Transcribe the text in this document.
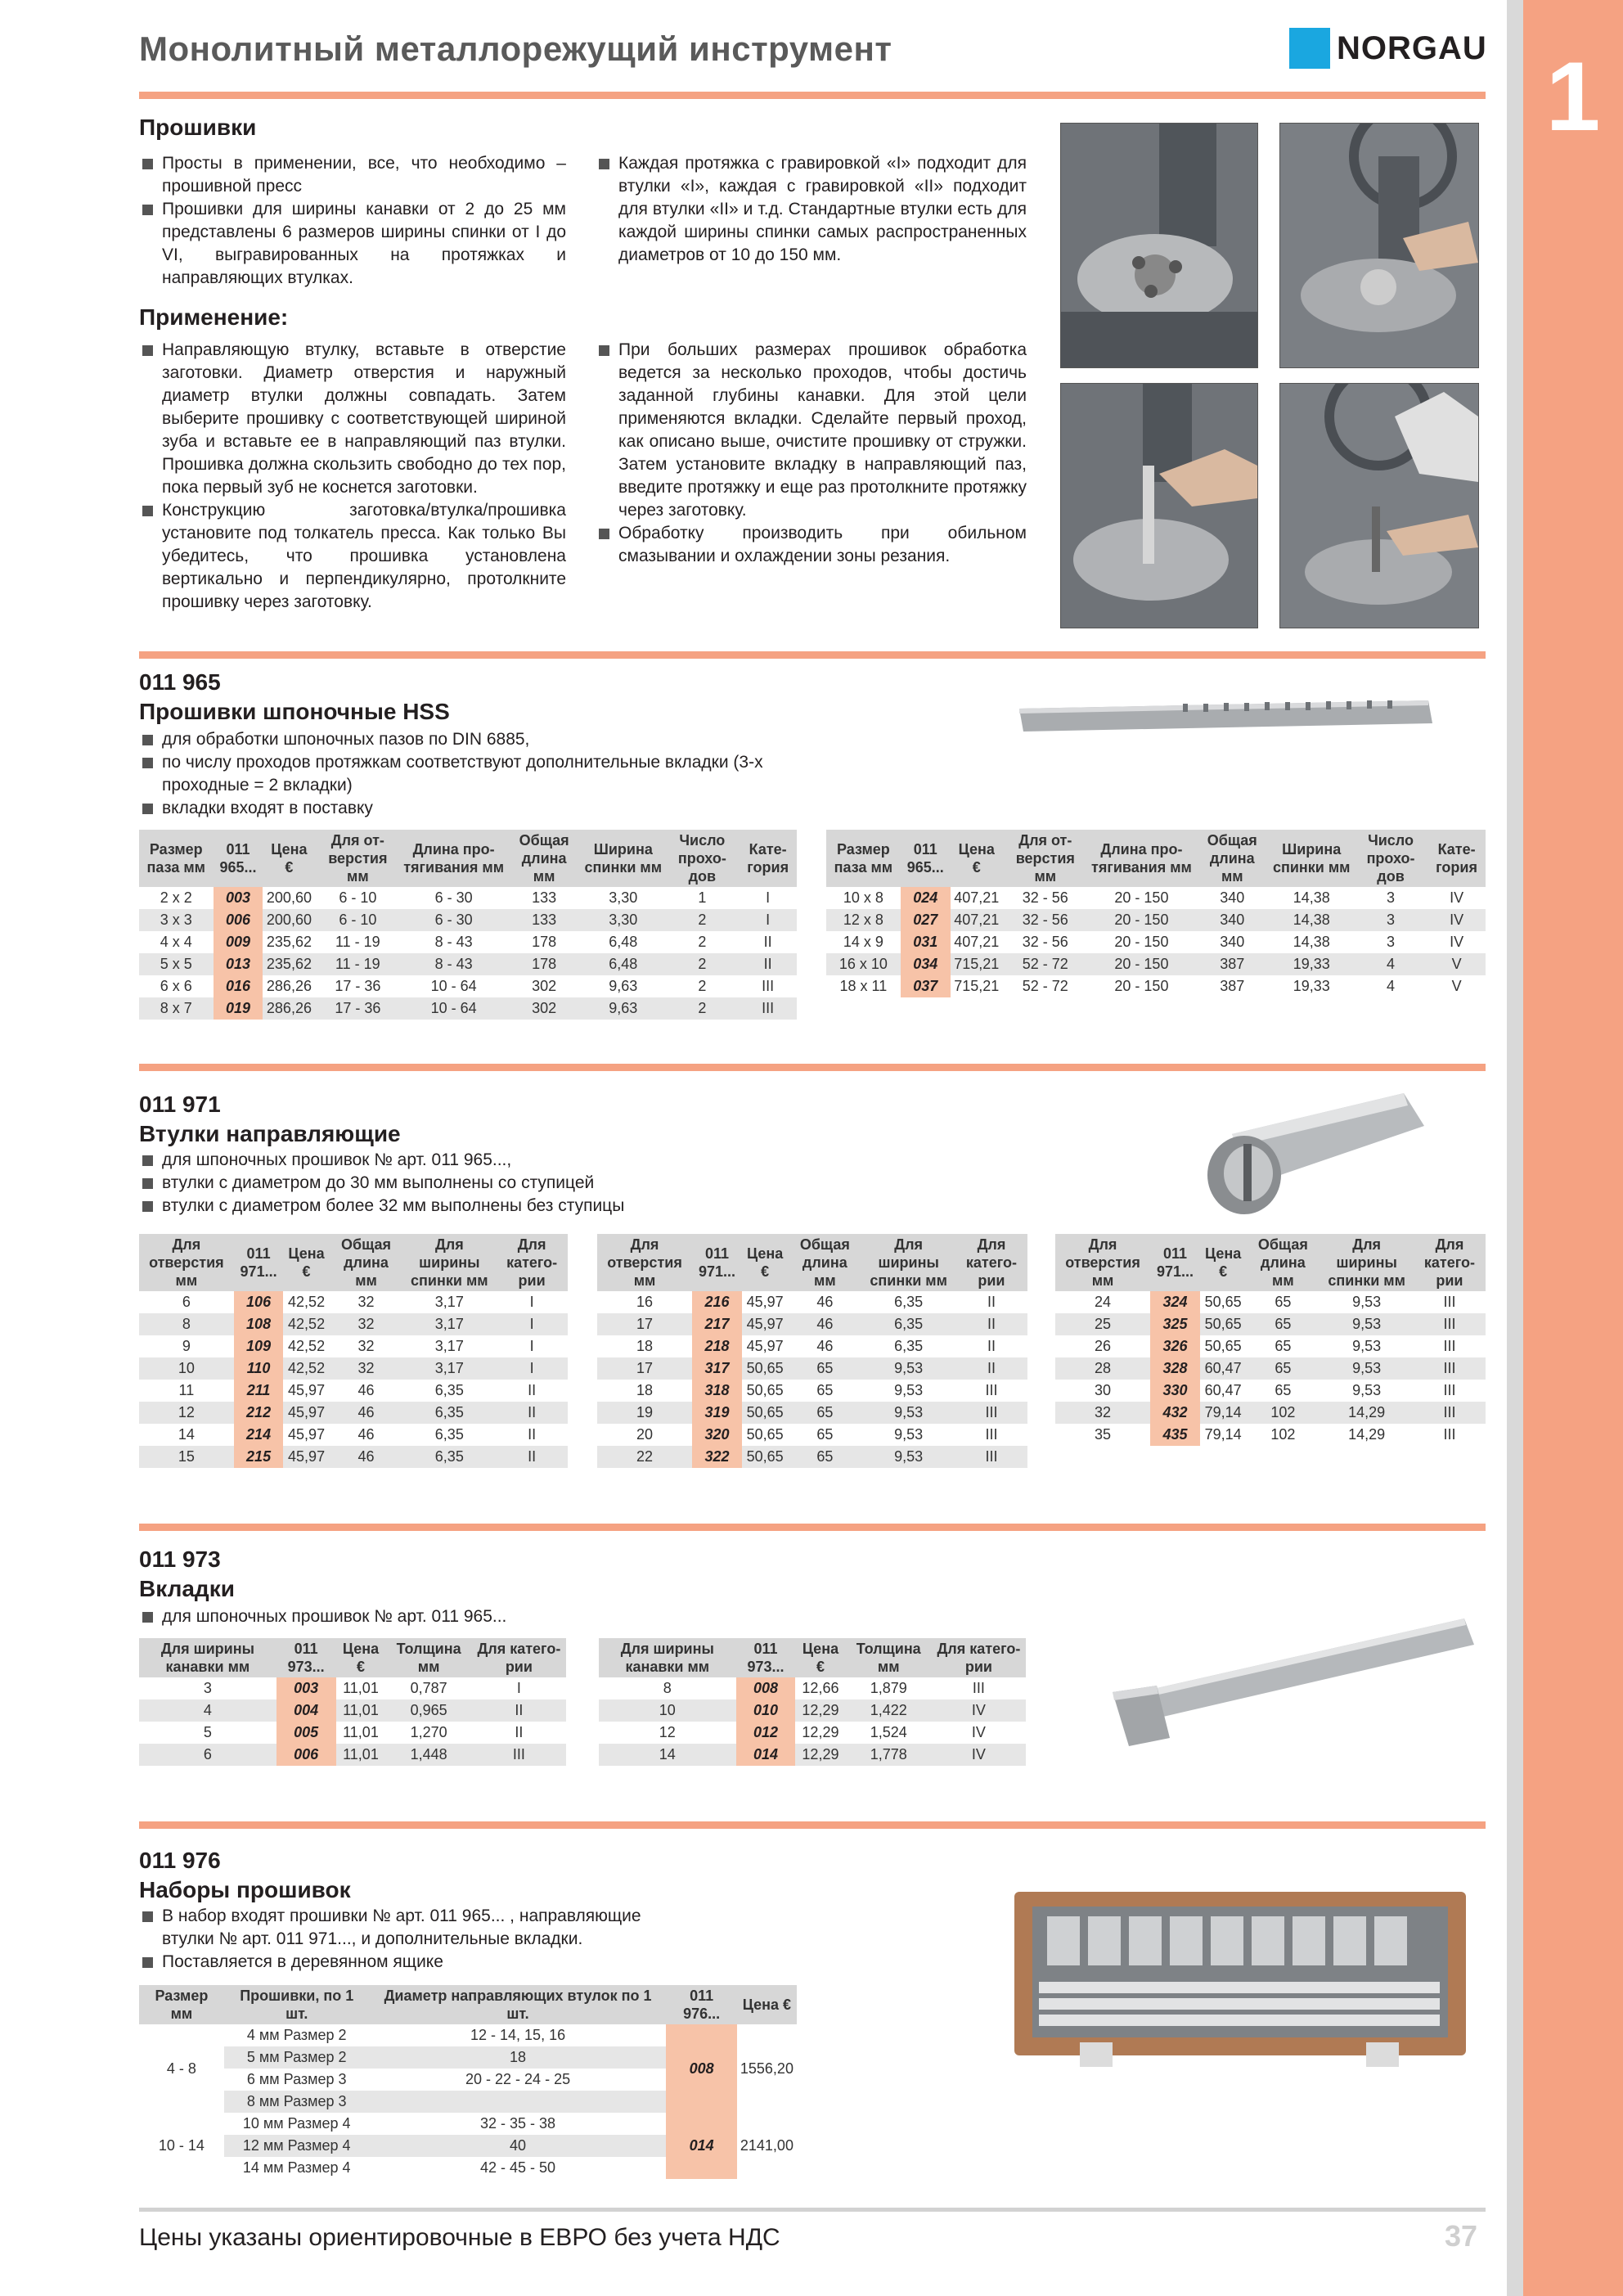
1
Монолитный металлорежущий инструмент	NORGAU
Прошивки
Просты в применении, все, что необходимо – прошивной пресс
Прошивки для ширины канавки от 2 до 25 мм представлены 6 размеров ширины спинки от I до VI, выгравированных на протяжках и направляющих втулках.
Каждая протяжка с гравировкой «I» подходит для втулки «I», каждая с гравировкой «II» подходит для втулки «II» и т.д. Стандартные втулки есть для каждой ширины спинки самых распространенных диаметров от 10 до 150 мм.
Применение:
Направляющую втулку, вставьте в отверстие заготовки. Диаметр отверстия и наружный диаметр втулки должны совпадать. Затем выберите прошивку с соответствующей шириной зуба и вставьте ее в направляющий паз втулки. Прошивка должна скользить свободно до тех пор, пока первый зуб не коснется заготовки.
Конструкцию заготовка/втулка/прошивка установите под толкатель пресса. Как только Вы убедитесь, что прошивка установлена вертикально и перпендикулярно, протолкните прошивку через заготовку.
При больших размерах прошивок обработка ведется за несколько проходов, чтобы достичь заданной глубины канавки. Для этой цели применяются вкладки. Сделайте первый проход, как описано выше, очистите прошивку от стружки. Затем установите вкладку в направляющий паз, введите протяжку и еще раз протолкните протяжку через заготовку.
Обработку производить при обильном смазывании и охлаждении зоны резания.
011 965
Прошивки шпоночные HSS
для обработки шпоночных пазов по DIN 6885,
по числу проходов протяжкам соответствуют дополнительные вкладки (3-х проходные = 2 вкладки)
вкладки входят в поставку
Размер паза мм	011 965...	Цена €	Для от- верстия мм	Длина про- тягивания мм	Общая длина мм	Ширина спинки мм	Число прохо- дов	Кате- гория
2 x 2	003	200,60	6 - 10	6 - 30	133	3,30	1	I
3 x 3	006	200,60	6 - 10	6 - 30	133	3,30	2	I
4 x 4	009	235,62	11 - 19	8 - 43	178	6,48	2	II
5 x 5	013	235,62	11 - 19	8 - 43	178	6,48	2	II
6 x 6	016	286,26	17 - 36	10 - 64	302	9,63	2	III
8 x 7	019	286,26	17 - 36	10 - 64	302	9,63	2	III
Размер паза мм	011 965...	Цена €	Для от- верстия мм	Длина про- тягивания мм	Общая длина мм	Ширина спинки мм	Число прохо- дов	Кате- гория
10 x 8	024	407,21	32 - 56	20 - 150	340	14,38	3	IV
12 x 8	027	407,21	32 - 56	20 - 150	340	14,38	3	IV
14 x 9	031	407,21	32 - 56	20 - 150	340	14,38	3	IV
16 x 10	034	715,21	52 - 72	20 - 150	387	19,33	4	V
18 x 11	037	715,21	52 - 72	20 - 150	387	19,33	4	V
011 971
Втулки направляющие
для шпоночных прошивок № арт. 011 965...,
втулки с диаметром до 30 мм выполнены со ступицей
втулки с диаметром более 32 мм выполнены без ступицы
Для отверстия мм	011 971...	Цена €	Общая длина мм	Для ширины спинки мм	Для катего- рии
6	106	42,52	32	3,17	I
8	108	42,52	32	3,17	I
9	109	42,52	32	3,17	I
10	110	42,52	32	3,17	I
11	211	45,97	46	6,35	II
12	212	45,97	46	6,35	II
14	214	45,97	46	6,35	II
15	215	45,97	46	6,35	II
Для отверстия мм	011 971...	Цена €	Общая длина мм	Для ширины спинки мм	Для катего- рии
16	216	45,97	46	6,35	II
17	217	45,97	46	6,35	II
18	218	45,97	46	6,35	II
17	317	50,65	65	9,53	II
18	318	50,65	65	9,53	III
19	319	50,65	65	9,53	III
20	320	50,65	65	9,53	III
22	322	50,65	65	9,53	III
Для отверстия мм	011 971...	Цена €	Общая длина мм	Для ширины спинки мм	Для катего- рии
24	324	50,65	65	9,53	III
25	325	50,65	65	9,53	III
26	326	50,65	65	9,53	III
28	328	60,47	65	9,53	III
30	330	60,47	65	9,53	III
32	432	79,14	102	14,29	III
35	435	79,14	102	14,29	III
011 973
Вкладки
для шпоночных прошивок № арт. 011 965...
Для ширины канавки мм	011 973...	Цена €	Толщина мм	Для катего- рии
3	003	11,01	0,787	I
4	004	11,01	0,965	II
5	005	11,01	1,270	II
6	006	11,01	1,448	III
Для ширины канавки мм	011 973...	Цена €	Толщина мм	Для катего- рии
8	008	12,66	1,879	III
10	010	12,29	1,422	IV
12	012	12,29	1,524	IV
14	014	12,29	1,778	IV
011 976
Наборы прошивок
В набор входят прошивки № арт. 011 965... , направляющие втулки № арт. 011 971..., и дополнительные вкладки.
Поставляется в деревянном ящике
Размер мм	Прошивки, по 1 шт.	Диаметр направляющих втулок по 1 шт.	011 976...	Цена €
4 - 8	4 мм Размер 2	12 - 14, 15, 16	008	1556,20
	5 мм Размер 2	18		
	6 мм Размер 3	20 - 22 - 24 - 25		
	8 мм Размер 3			
10 - 14	10 мм Размер 4	32 - 35 - 38	014	2141,00
	12 мм Размер 4	40		
	14 мм Размер 4	42 - 45 - 50		
Цены указаны ориентировочные в ЕВРО без учета НДС	37
